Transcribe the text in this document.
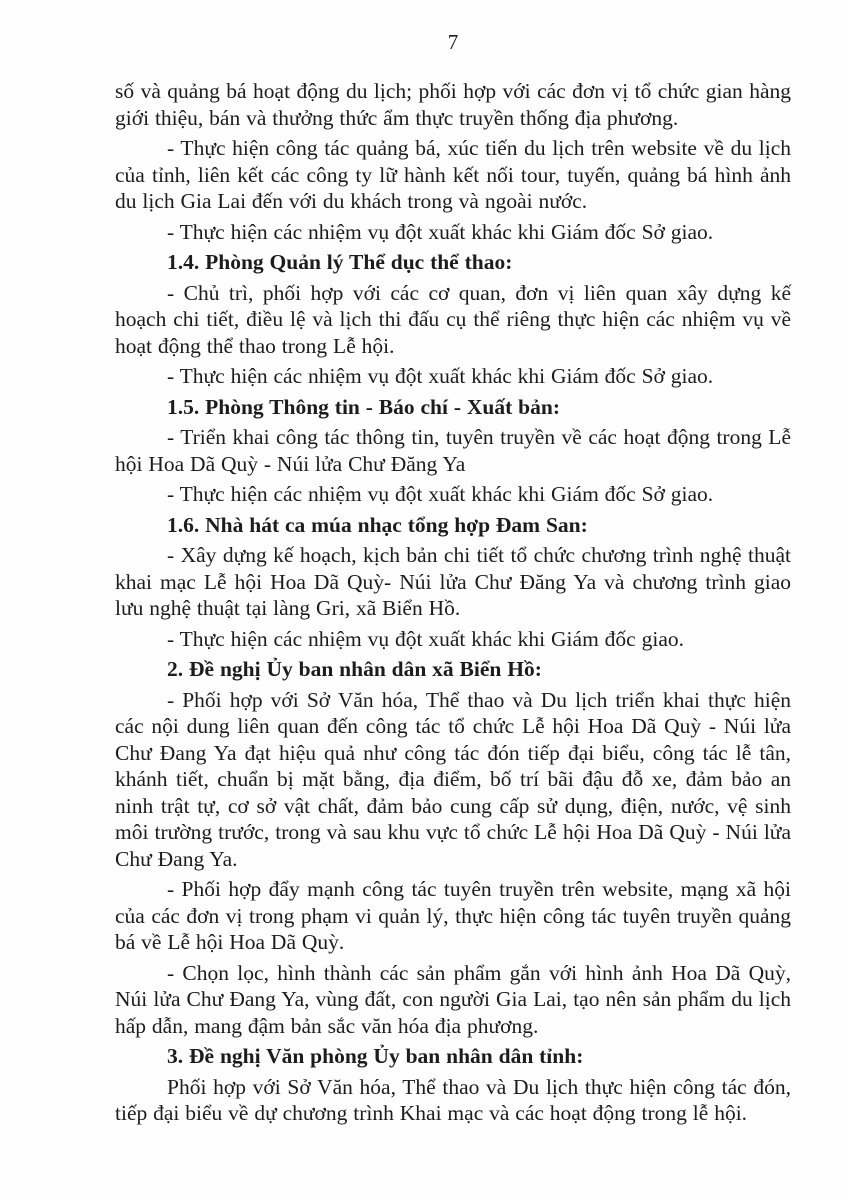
7

số và quảng bá hoạt động du lịch; phối hợp với các đơn vị tổ chức gian hàng giới thiệu, bán và thưởng thức ẩm thực truyền thống địa phương.

- Thực hiện công tác quảng bá, xúc tiến du lịch trên website về du lịch của tỉnh, liên kết các công ty lữ hành kết nối tour, tuyến, quảng bá hình ảnh du lịch Gia Lai đến với du khách trong và ngoài nước.

- Thực hiện các nhiệm vụ đột xuất khác khi Giám đốc Sở giao.

1.4. Phòng Quản lý Thể dục thể thao:

- Chủ trì, phối hợp với các cơ quan, đơn vị liên quan xây dựng kế hoạch chi tiết, điều lệ và lịch thi đấu cụ thể riêng thực hiện các nhiệm vụ về hoạt động thể thao trong Lễ hội.

- Thực hiện các nhiệm vụ đột xuất khác khi Giám đốc Sở giao.

1.5. Phòng Thông tin - Báo chí - Xuất bản:

- Triển khai công tác thông tin, tuyên truyền về các hoạt động trong Lễ hội Hoa Dã Quỳ - Núi lửa Chư Đăng Ya

- Thực hiện các nhiệm vụ đột xuất khác khi Giám đốc Sở giao.

1.6. Nhà hát ca múa nhạc tổng hợp Đam San:

- Xây dựng kế hoạch, kịch bản chi tiết tổ chức chương trình nghệ thuật khai mạc Lễ hội Hoa Dã Quỳ- Núi lửa Chư Đăng Ya và chương trình giao lưu nghệ thuật tại làng Gri, xã Biển Hồ.

- Thực hiện các nhiệm vụ đột xuất khác khi Giám đốc giao.

2. Đề nghị Ủy ban nhân dân xã Biển Hồ:

- Phối hợp với Sở Văn hóa, Thể thao và Du lịch triển khai thực hiện các nội dung liên quan đến công tác tổ chức Lễ hội Hoa Dã Quỳ - Núi lửa Chư Đang Ya đạt hiệu quả như công tác đón tiếp đại biểu, công tác lễ tân, khánh tiết, chuẩn bị mặt bằng, địa điểm, bố trí bãi đậu đỗ xe, đảm bảo an ninh trật tự, cơ sở vật chất, đảm bảo cung cấp sử dụng, điện, nước, vệ sinh môi trường trước, trong và sau khu vực tổ chức Lễ hội Hoa Dã Quỳ - Núi lửa Chư Đang Ya.

- Phối hợp đẩy mạnh công tác tuyên truyền trên website, mạng xã hội của các đơn vị trong phạm vi quản lý, thực hiện công tác tuyên truyền quảng bá về Lễ hội Hoa Dã Quỳ.

- Chọn lọc, hình thành các sản phẩm gắn với hình ảnh Hoa Dã Quỳ, Núi lửa Chư Đang Ya, vùng đất, con người Gia Lai, tạo nên sản phẩm du lịch hấp dẫn, mang đậm bản sắc văn hóa địa phương.

3. Đề nghị Văn phòng Ủy ban nhân dân tỉnh:

Phối hợp với Sở Văn hóa, Thể thao và Du lịch thực hiện công tác đón, tiếp đại biểu về dự chương trình Khai mạc và các hoạt động trong lễ hội.
